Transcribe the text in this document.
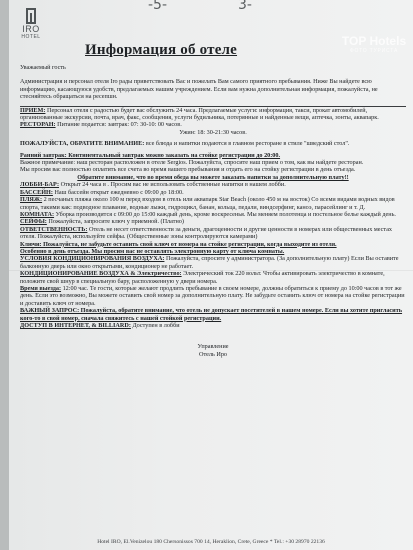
-5-	3-
IRO
HOTEL	TOP Hotels
ФОТО ТУРИСТА
Информация об отеле

Уважаемый гость

Администрация и персонал отеля Iro рады приветствовать Вас и пожелать Вам самого приятного пребывания. Ниже Вы найдете всю информацию, касающуюся удобств, предлагаемых нашим учреждением. Если вам нужна дополнительная информация, пожалуйста, не стесняйтесь обращаться на ресепшн.

ПРИЕМ: Персонал отеля с радостью будет вас обслужить 24 часа. Предлагаемые услуги: информация, такси, прокат автомобилей, организованные экскурсии, почта, врач, факс, сообщения, услуги будильника, потерянные и найденные вещи, аптечка, зонты, аквапарк.

РЕСТОРАН: Питание подается: завтрак: 07: 30-10: 00 часов.

Ужин: 18: 30-21:30 часов.

ПОЖАЛУЙСТА, ОБРАТИТЕ ВНИМАНИЕ: все блюда и напитки подаются в главном ресторане в стиле "шведский стол".

Ранний завтрак: Континентальный завтрак можно заказать на стойке регистрации до 20:00.

Важное примечание: наш ресторан расположен в отеле Sergios. Пожалуйста, спросите наш прием о том, как вы найдете ресторан.

Мы просим вас полностью оплатить все счета во время вашего пребывания и отдать его на стойку регистрации в день отъезда.

Обратите внимание, что во время обеда вы можете заказать напитки за дополнительную плату!!

ЛОББИ-БАР: Открыт 24 часа в . Просим вас не использовать собственные напитки в нашем лобби.

БАССЕЙН: Наш бассейн открыт ежедневно с 09:00 до 18:00.

ПЛЯЖ: 2 песчаных пляжа около 100 м перед входом в отель или аквапарк Star Beach (около 450 м на восток) Со всеми видами водных видов спорта, такими как: подводное плавание, водные лыжи, гидроцикл, банан, кольца, педали, виндсерфинг, каноэ, парасейлинг и т. Д.

КОМНАТА: Уборка производится с 09:00 до 15:00 каждый день, кроме воскресенья. Мы меняем полотенца и постельное белье каждый день.

СЕЙФЫ: Пожалуйста, запросите ключ у приемной. (Платно)

ОТВЕТСТВЕННОСТЬ: Отель не несет ответственности за деньги, драгоценности и другие ценности в номерах или общественных местах отеля. Пожалуйста, используйте сейфы. (Общественные зоны контролируются камерами)

Ключи: Пожалуйста, не забудьте оставить свой ключ от номера на стойке регистрации, когда выходите из отеля.

Особенно в день отъезда. Мы просим вас не оставлять электронную карту от ключа комнаты.

УСЛОВИЯ КОНДИЦИОНИРОВАНИЯ ВОЗДУХА: Пожалуйста, спросите у администратора. (За дополнительную плату) Если Вы оставите балконную дверь или окно открытыми, кондиционер не работает.

КОНДИЦИОНИРОВАНИЕ ВОЗДУХА & Электричество: Электрический ток 220 вольт. Чтобы активировать электричество в комнате, положите свой шнур в специальную бару, расположенную у двери номера.

Время выезда: 12:00 час. Те гости, которые желают продлить пребывание в своем номере, должны обратиться к приему до 10:00 часов в тот же день. Если это возможно, Вы можете оставить свой номер за дополнительную плату. Не забудьте оставить ключ от номера на стойке регистрации и доставить ключ от номера.

ВАЖНЫЙ ЗАПРОС: Пожалуйста, обратите внимание, что отель не допускает посетителей в нашем номере. Если вы хотите пригласить кого-то в свой номер, сначала свяжитесь с нашей стойкой регистрации.

ДОСТУП В ИНТЕРНЕТ, & BILLIARD: Доступен в лобби

Управление

Отель Иро

Hotel IRO, El.Venizelou 180 Chersonissos 700 14, Heraklion, Crete, Greece * Tel.: +30 28970 22136
